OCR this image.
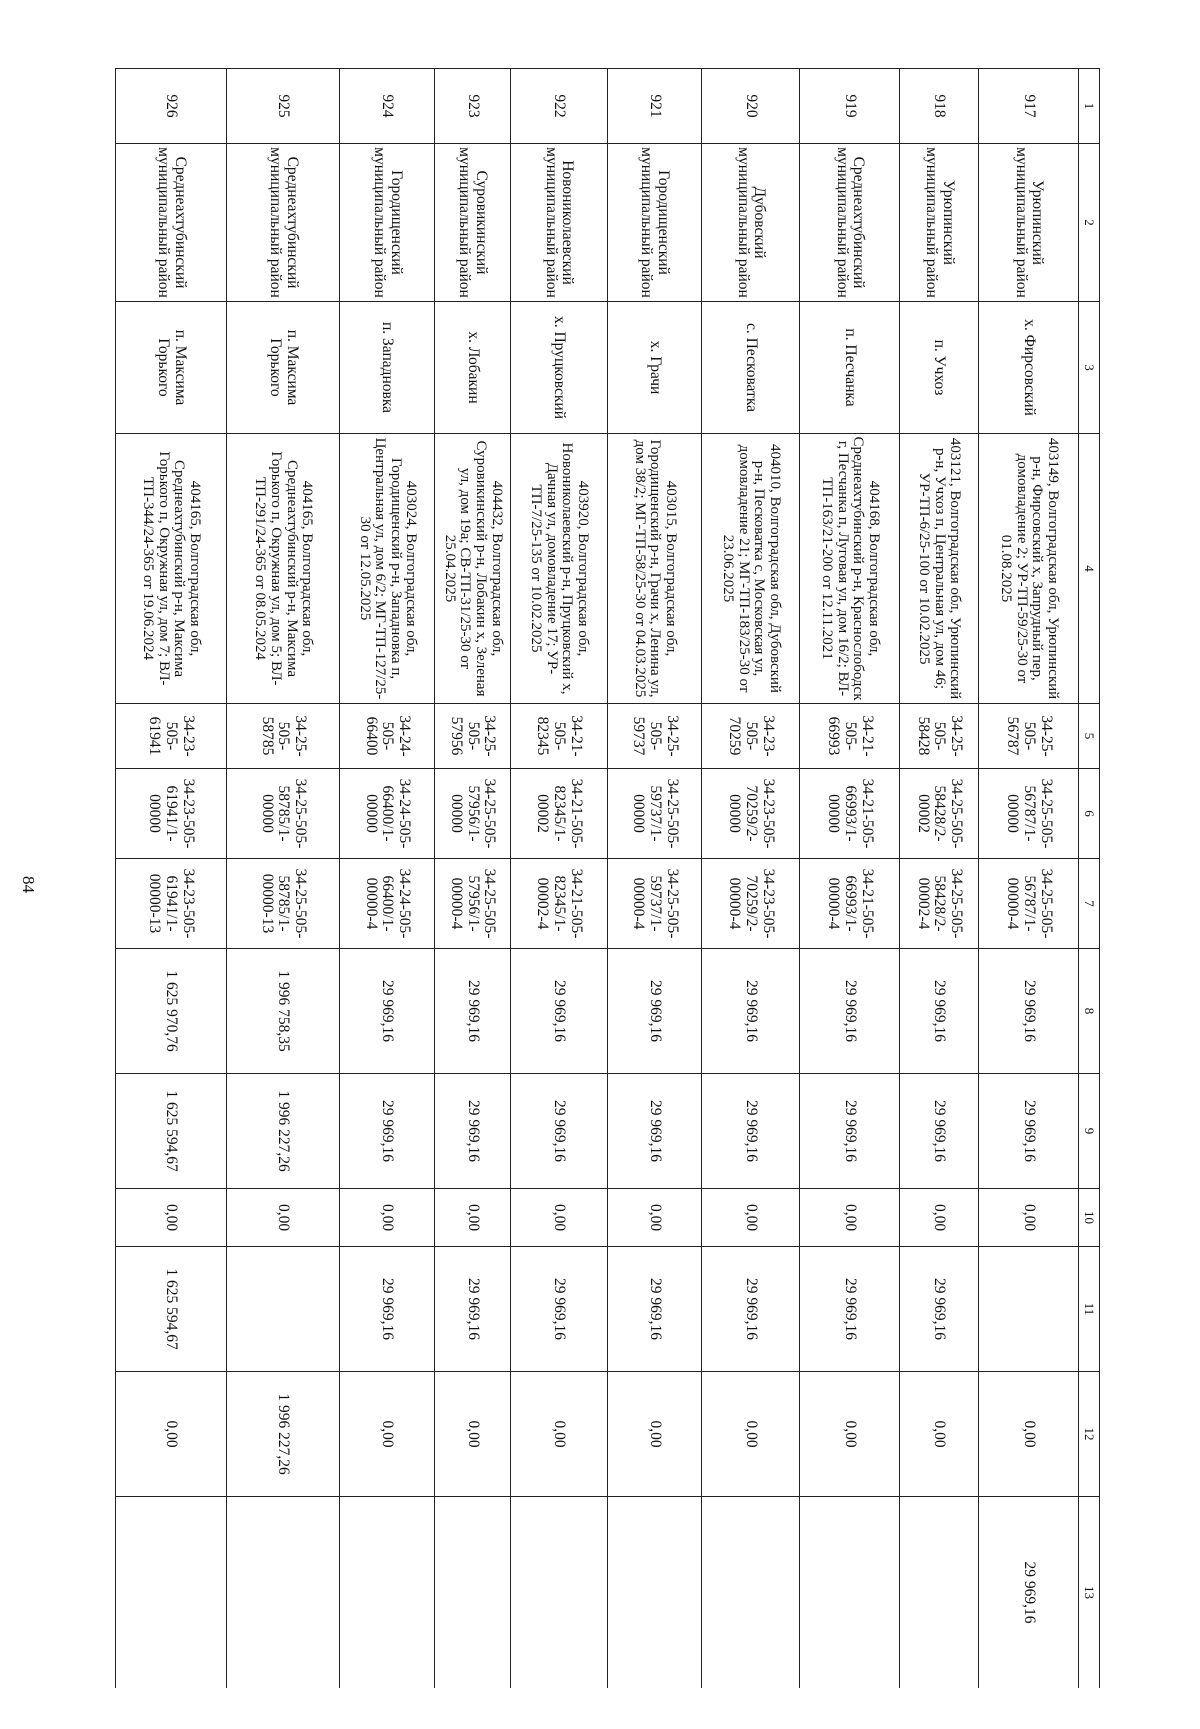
84
1	2	3	4	5	6	7	8	9	10	11	12	13
917	Урюпинский муниципальный район	х. Фирсовский	403149, Волгоградская обл, Урюпинский р-н, Фирсовский х, Запрудный пер, домовладение 2; УР-ТП-59/25-30 от 01.08.2025	34-25-505-56787	34-25-505-56787/1-00000	34-25-505-56787/1-00000-4	29 969,16	29 969,16	0,00		0,00	29 969,16
918	Урюпинский муниципальный район	п. Учхоз	403121, Волгоградская обл, Урюпинский р-н, Учхоз п, Центральная ул, дом 46; УР-ТП-6/25-100 от 10.02.2025	34-25-505-58428	34-25-505-58428/2-00002	34-25-505-58428/2-00002-4	29 969,16	29 969,16	0,00	29 969,16	0,00	
919	Среднеахтубинский муниципальный район	п. Песчанка	404168, Волгоградская обл, Среднеахтубинский р-н, Краснослободск г, Песчанка п, Луговая ул, дом 16/2; ВЛ-ТП-163/21-200 от 12.11.2021	34-21-505-66993	34-21-505-66993/1-00000	34-21-505-66993/1-00000-4	29 969,16	29 969,16	0,00	29 969,16	0,00	
920	Дубовский муниципальный район	с. Песковатка	404010, Волгоградская обл, Дубовский р-н, Песковатка с, Московская ул, домовладение 21; МГ-ТП-183/25-30 от 23.06.2025	34-23-505-70259	34-23-505-70259/2-00000	34-23-505-70259/2-00000-4	29 969,16	29 969,16	0,00	29 969,16	0,00	
921	Городищенский муниципальный район	х. Грачи	403015, Волгоградская обл, Городищенский р-н, Грачи х, Ленина ул, дом 38/2; МГ-ТП-58/25-30 от 04.03.2025	34-25-505-59737	34-25-505-59737/1-00000	34-25-505-59737/1-00000-4	29 969,16	29 969,16	0,00	29 969,16	0,00	
922	Новониколаевский муниципальный район	х. Пруцковский	403920, Волгоградская обл, Новониколаевский р-н, Пруцковский х, Дачная ул, домовладение 17; УР-ТП-7/25-135 от 10.02.2025	34-21-505-82345	34-21-505-82345/1-00002	34-21-505-82345/1-00002-4	29 969,16	29 969,16	0,00	29 969,16	0,00	
923	Суровикинский муниципальный район	х. Лобакин	404432, Волгоградская обл, Суровикинский р-н, Лобакин х, Зеленая ул, дом 19а; СВ-ТП-31/25-30 от 25.04.2025	34-25-505-57956	34-25-505-57956/1-00000	34-25-505-57956/1-00000-4	29 969,16	29 969,16	0,00	29 969,16	0,00	
924	Городищенский муниципальный район	п. Западновка	403024, Волгоградская обл, Городищенский р-н, Западновка п, Центральная ул, дом 6/2; МГ-ТП-127/25-30 от 12.05.2025	34-24-505-66400	34-24-505-66400/1-00000	34-24-505-66400/1-00000-4	29 969,16	29 969,16	0,00	29 969,16	0,00	
925	Среднеахтубинский муниципальный район	п. Максима Горького	404165, Волгоградская обл, Среднеахтубинский р-н, Максима Горького п, Окружная ул, дом 5; ВЛ-ТП-291/24-365 от 08.05.2024	34-25-505-58785	34-25-505-58785/1-00000	34-25-505-58785/1-00000-13	1 996 758,35	1 996 227,26	0,00		1 996 227,26	
926	Среднеахтубинский муниципальный район	п. Максима Горького	404165, Волгоградская обл, Среднеахтубинский р-н, Максима Горького п, Окружная ул, дом 7; ВЛ-ТП-344/24-365 от 19.06.2024	34-23-505-61941	34-23-505-61941/1-00000	34-23-505-61941/1-00000-13	1 625 970,76	1 625 594,67	0,00	1 625 594,67	0,00	
